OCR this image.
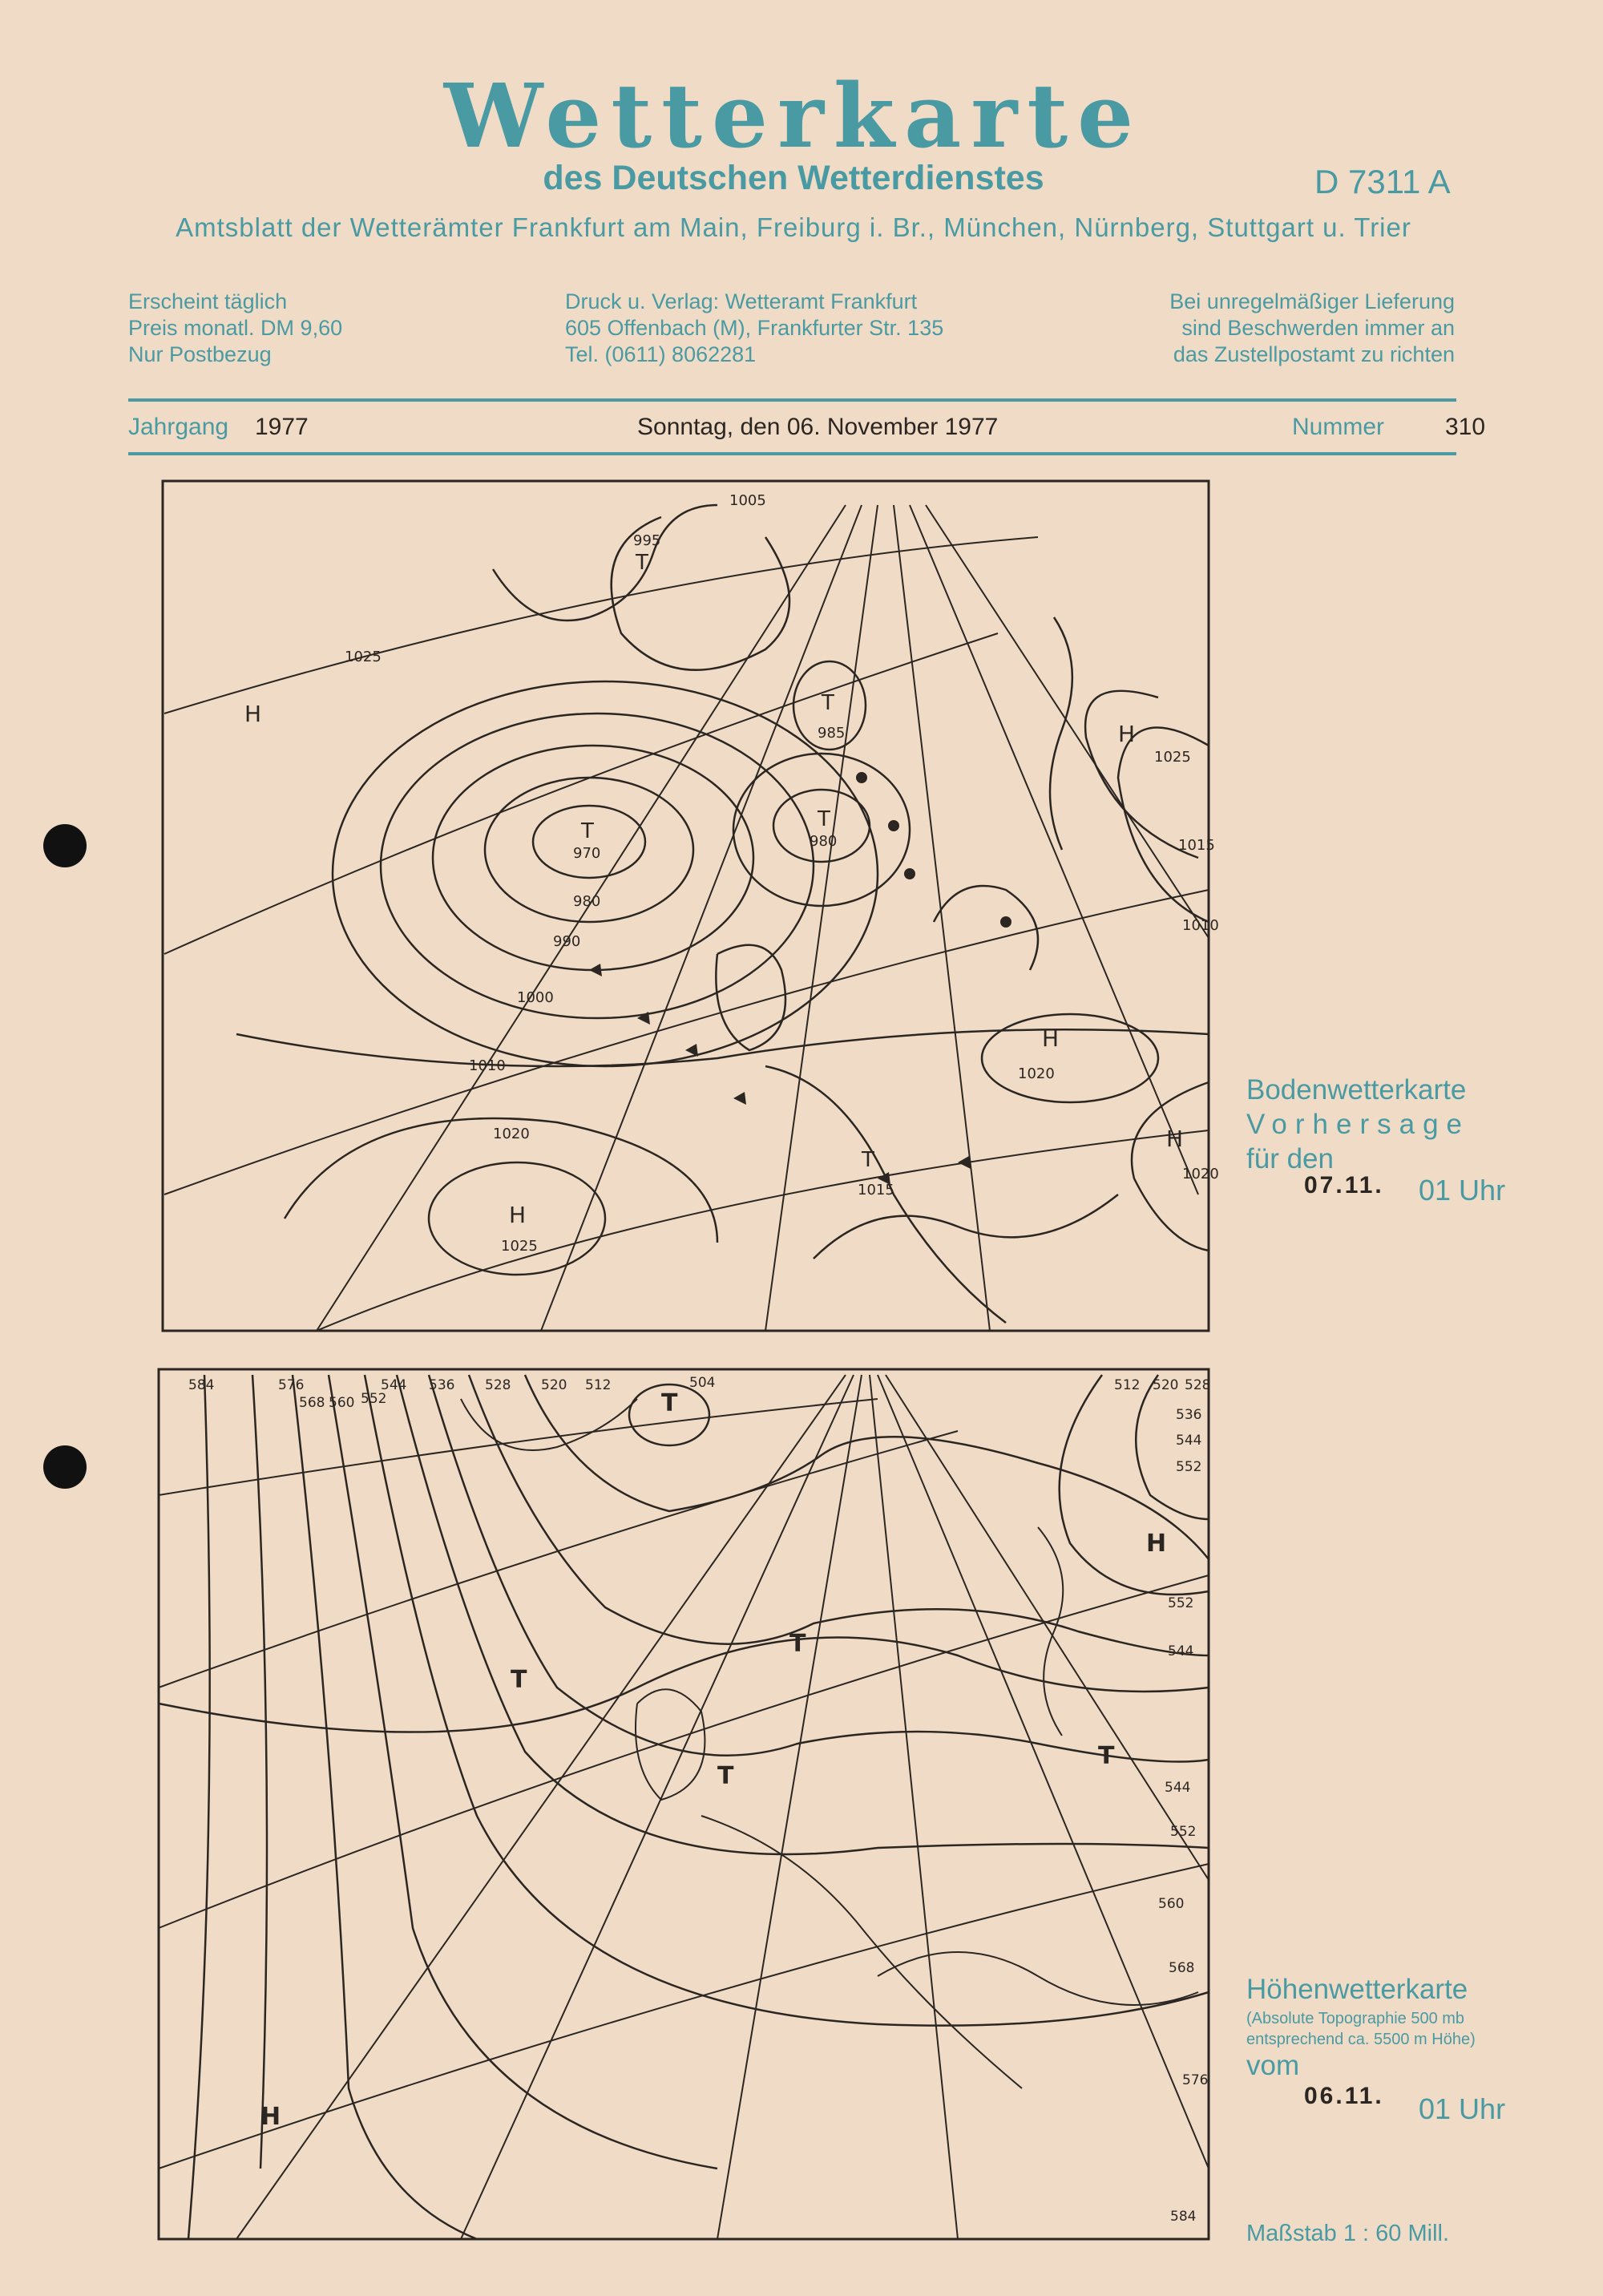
Wetterkarte
des Deutschen Wetterdienstes	D 7311 A
Amtsblatt der Wetterämter Frankfurt am Main, Freiburg i. Br., München, Nürnberg, Stuttgart u. Trier
Erscheint täglich
Preis monatl. DM 9,60
Nur Postbezug
Druck u. Verlag: Wetteramt Frankfurt
605 Offenbach (M), Frankfurter Str. 135
Tel. (0611) 8062281
Bei unregelmäßiger Lieferung
sind Beschwerden immer an
das Zustellpostamt zu richten
Jahrgang 1977	Sonntag, den 06. November 1977	Nummer	310
T
970
T
980
T
985
T
995
T
1015
H
1025
H
1020
H
1025
H
1020
H
1005
1025
990
1000
1010
1020
1015
1010
980
Bodenwetterkarte
Vorhersage
für den
07.11. 01 Uhr
T
T
T
T
T
H
H
584	576
568 560 552
544 536 528 520 512	504	512 520 528
536
544
552
552
544
544
552
560
568
576
584
Höhenwetterkarte
(Absolute Topographie 500 mb
entsprechend ca. 5500 m Höhe)
vom
06.11. 01 Uhr
Maßstab 1 : 60 Mill.
